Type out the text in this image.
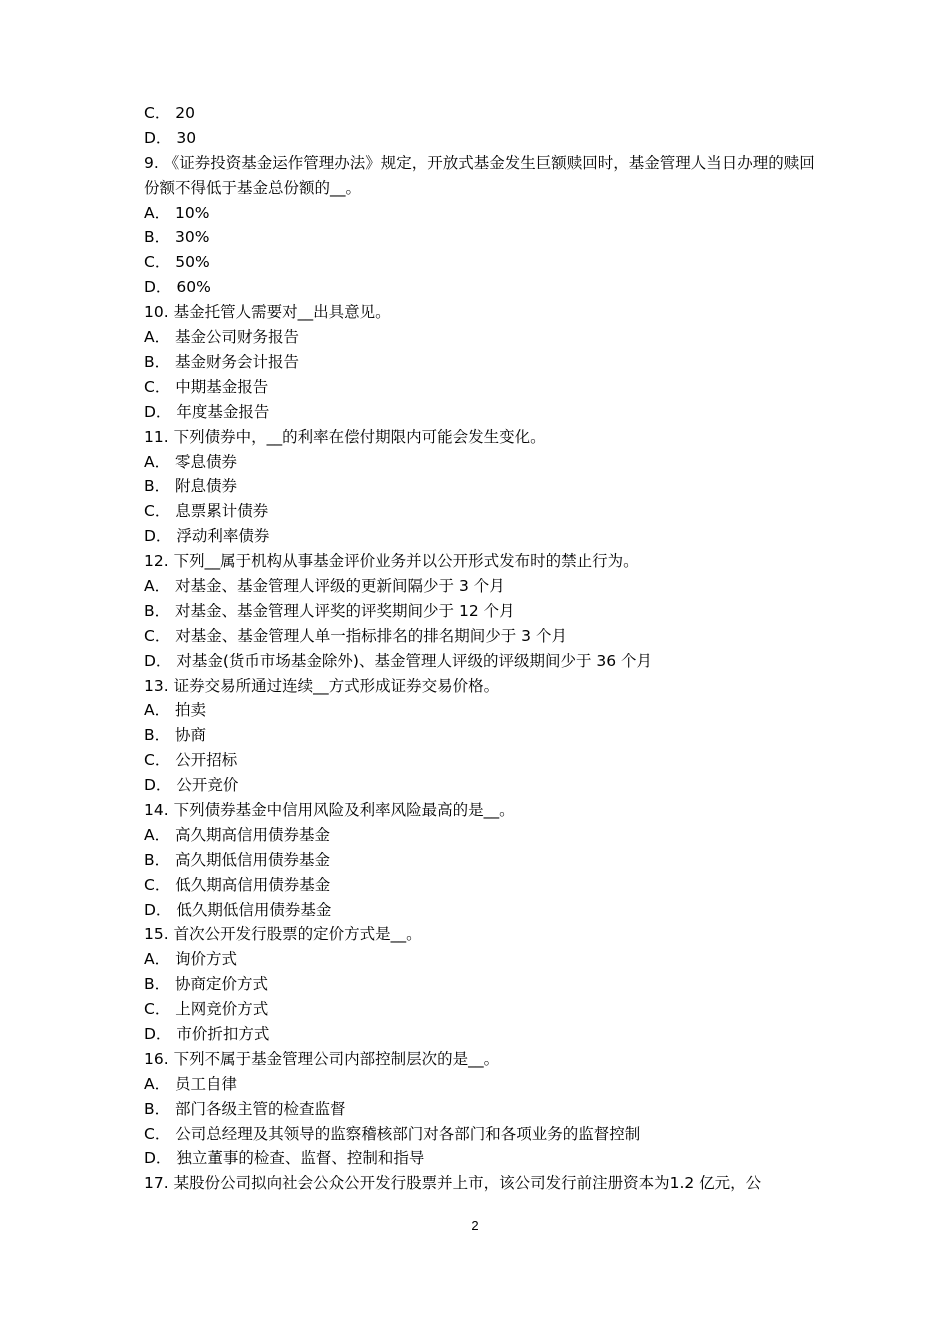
C． 20
D． 30
9. 《证券投资基金运作管理办法》规定，开放式基金发生巨额赎回时，基金管理人当日办理的赎回份额不得低于基金总份额的__。
A． 10%
B． 30%
C． 50%
D． 60%
10. 基金托管人需要对__出具意见。
A． 基金公司财务报告
B． 基金财务会计报告
C． 中期基金报告
D． 年度基金报告
11. 下列债券中，__的利率在偿付期限内可能会发生变化。
A． 零息债券
B． 附息债券
C． 息票累计债券
D． 浮动利率债券
12. 下列__属于机构从事基金评价业务并以公开形式发布时的禁止行为。
A． 对基金、基金管理人评级的更新间隔少于 3 个月
B． 对基金、基金管理人评奖的评奖期间少于 12 个月
C． 对基金、基金管理人单一指标排名的排名期间少于 3 个月
D． 对基金(货币市场基金除外)、基金管理人评级的评级期间少于 36 个月
13. 证券交易所通过连续__方式形成证券交易价格。
A． 拍卖
B． 协商
C． 公开招标
D． 公开竞价
14. 下列债券基金中信用风险及利率风险最高的是__。
A． 高久期高信用债券基金
B． 高久期低信用债券基金
C． 低久期高信用债券基金
D． 低久期低信用债券基金
15. 首次公开发行股票的定价方式是__。
A． 询价方式
B． 协商定价方式
C． 上网竞价方式
D． 市价折扣方式
16. 下列不属于基金管理公司内部控制层次的是__。
A． 员工自律
B． 部门各级主管的检查监督
C． 公司总经理及其领导的监察稽核部门对各部门和各项业务的监督控制
D． 独立董事的检查、监督、控制和指导
17. 某股份公司拟向社会公众公开发行股票并上市，该公司发行前注册资本为1.2 亿元，公
2
